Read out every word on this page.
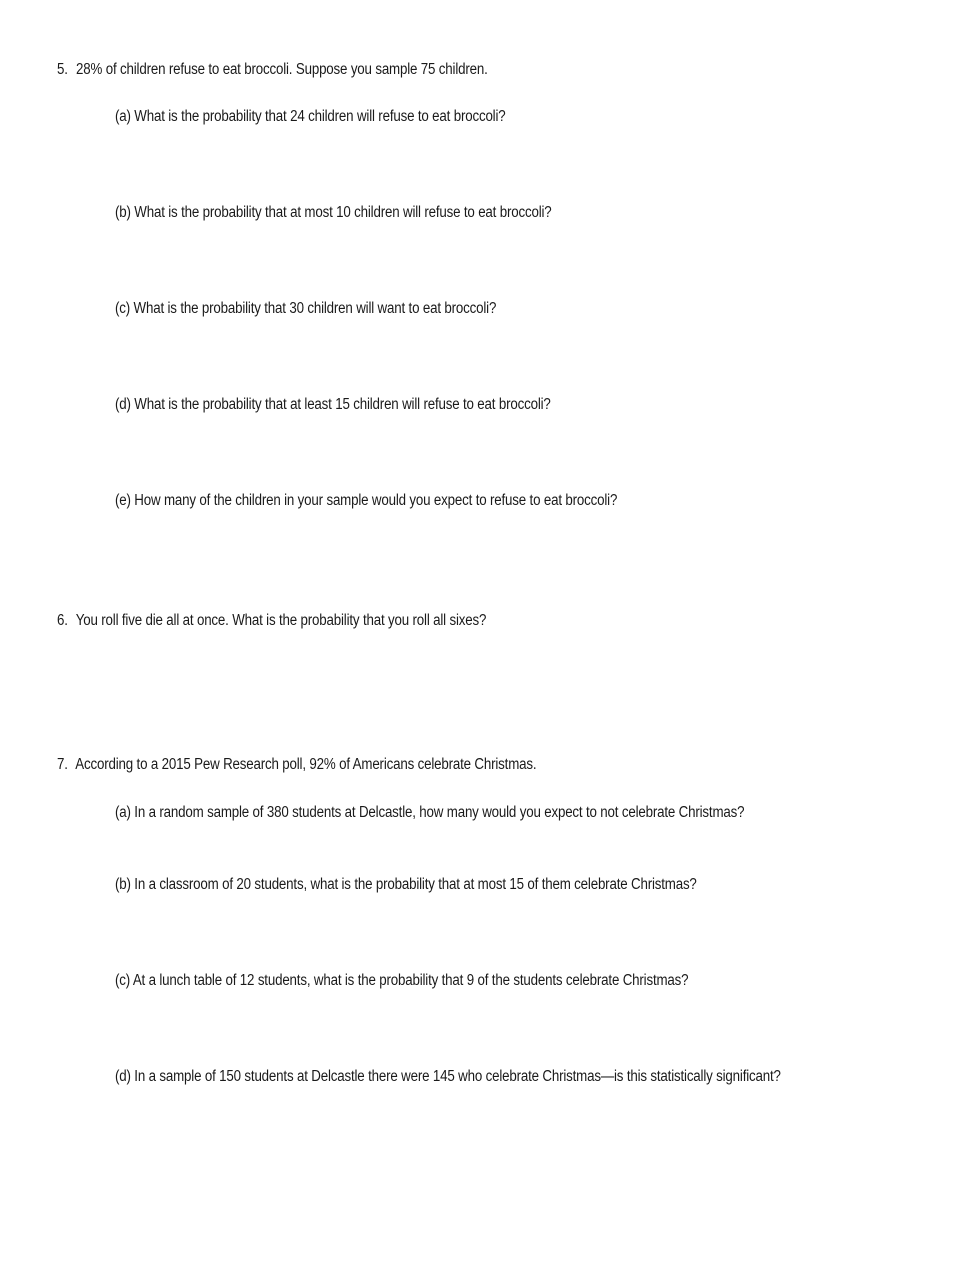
5. 28% of children refuse to eat broccoli. Suppose you sample 75 children.
(a) What is the probability that 24 children will refuse to eat broccoli?
(b) What is the probability that at most 10 children will refuse to eat broccoli?
(c) What is the probability that 30 children will want to eat broccoli?
(d) What is the probability that at least 15 children will refuse to eat broccoli?
(e) How many of the children in your sample would you expect to refuse to eat broccoli?
6. You roll five die all at once. What is the probability that you roll all sixes?
7. According to a 2015 Pew Research poll, 92% of Americans celebrate Christmas.
(a) In a random sample of 380 students at Delcastle, how many would you expect to not celebrate Christmas?
(b) In a classroom of 20 students, what is the probability that at most 15 of them celebrate Christmas?
(c) At a lunch table of 12 students, what is the probability that 9 of the students celebrate Christmas?
(d) In a sample of 150 students at Delcastle there were 145 who celebrate Christmas—is this statistically significant?
